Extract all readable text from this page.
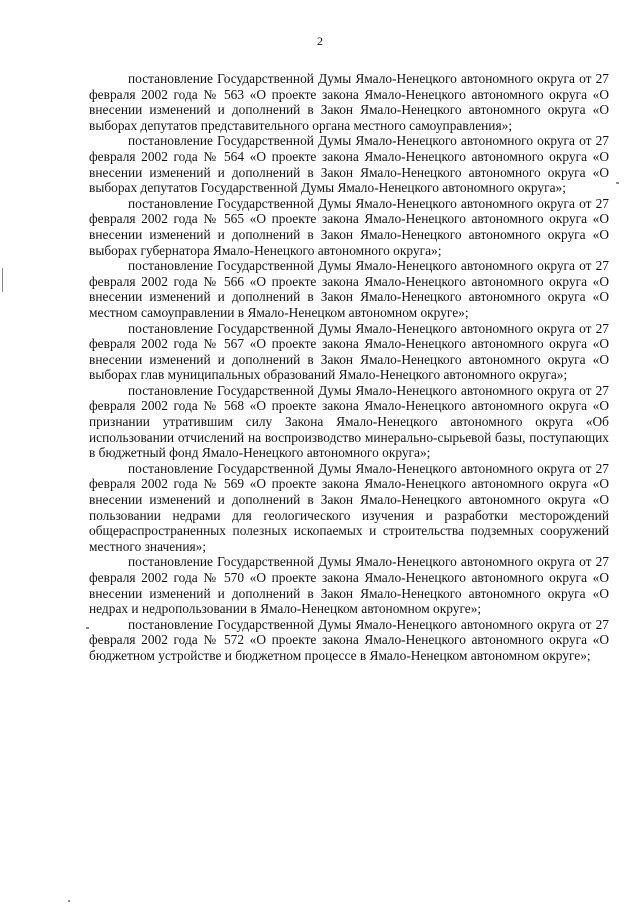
2

постановление Государственной Думы Ямало-Ненецкого автономного округа от 27 февраля 2002 года № 563 «О проекте закона Ямало-Ненецкого автономного округа «О внесении изменений и дополнений в Закон Ямало-Ненецкого автономного округа «О выборах депутатов представительного органа местного самоуправления»;

постановление Государственной Думы Ямало-Ненецкого автономного округа от 27 февраля 2002 года № 564 «О проекте закона Ямало-Ненецкого автономного округа «О внесении изменений и дополнений в Закон Ямало-Ненецкого автономного округа «О выборах депутатов Государственной Думы Ямало-Ненецкого автономного округа»;

постановление Государственной Думы Ямало-Ненецкого автономного округа от 27 февраля 2002 года № 565 «О проекте закона Ямало-Ненецкого автономного округа «О внесении изменений и дополнений в Закон Ямало-Ненецкого автономного округа «О выборах губернатора Ямало-Ненецкого автономного округа»;

постановление Государственной Думы Ямало-Ненецкого автономного округа от 27 февраля 2002 года № 566 «О проекте закона Ямало-Ненецкого автономного округа «О внесении изменений и дополнений в Закон Ямало-Ненецкого автономного округа «О местном самоуправлении в Ямало-Ненецком автономном округе»;

постановление Государственной Думы Ямало-Ненецкого автономного округа от 27 февраля 2002 года № 567 «О проекте закона Ямало-Ненецкого автономного округа «О внесении изменений и дополнений в Закон Ямало-Ненецкого автономного округа «О выборах глав муниципальных образований Ямало-Ненецкого автономного округа»;

постановление Государственной Думы Ямало-Ненецкого автономного округа от 27 февраля 2002 года № 568 «О проекте закона Ямало-Ненецкого автономного округа «О признании утратившим силу Закона Ямало-Ненецкого автономного округа «Об использовании отчислений на воспроизводство минерально-сырьевой базы, поступающих в бюджетный фонд Ямало-Ненецкого автономного округа»;

постановление Государственной Думы Ямало-Ненецкого автономного округа от 27 февраля 2002 года № 569 «О проекте закона Ямало-Ненецкого автономного округа «О внесении изменений и дополнений в Закон Ямало-Ненецкого автономного округа «О пользовании недрами для геологического изучения и разработки месторождений общераспространенных полезных ископаемых и строительства подземных сооружений местного значения»;

постановление Государственной Думы Ямало-Ненецкого автономного округа от 27 февраля 2002 года № 570 «О проекте закона Ямало-Ненецкого автономного округа «О внесении изменений и дополнений в Закон Ямало-Ненецкого автономного округа «О недрах и недропользовании в Ямало-Ненецком автономном округе»;

постановление Государственной Думы Ямало-Ненецкого автономного округа от 27 февраля 2002 года № 572 «О проекте закона Ямало-Ненецкого автономного округа «О бюджетном устройстве и бюджетном процессе в Ямало-Ненецком автономном округе»;
